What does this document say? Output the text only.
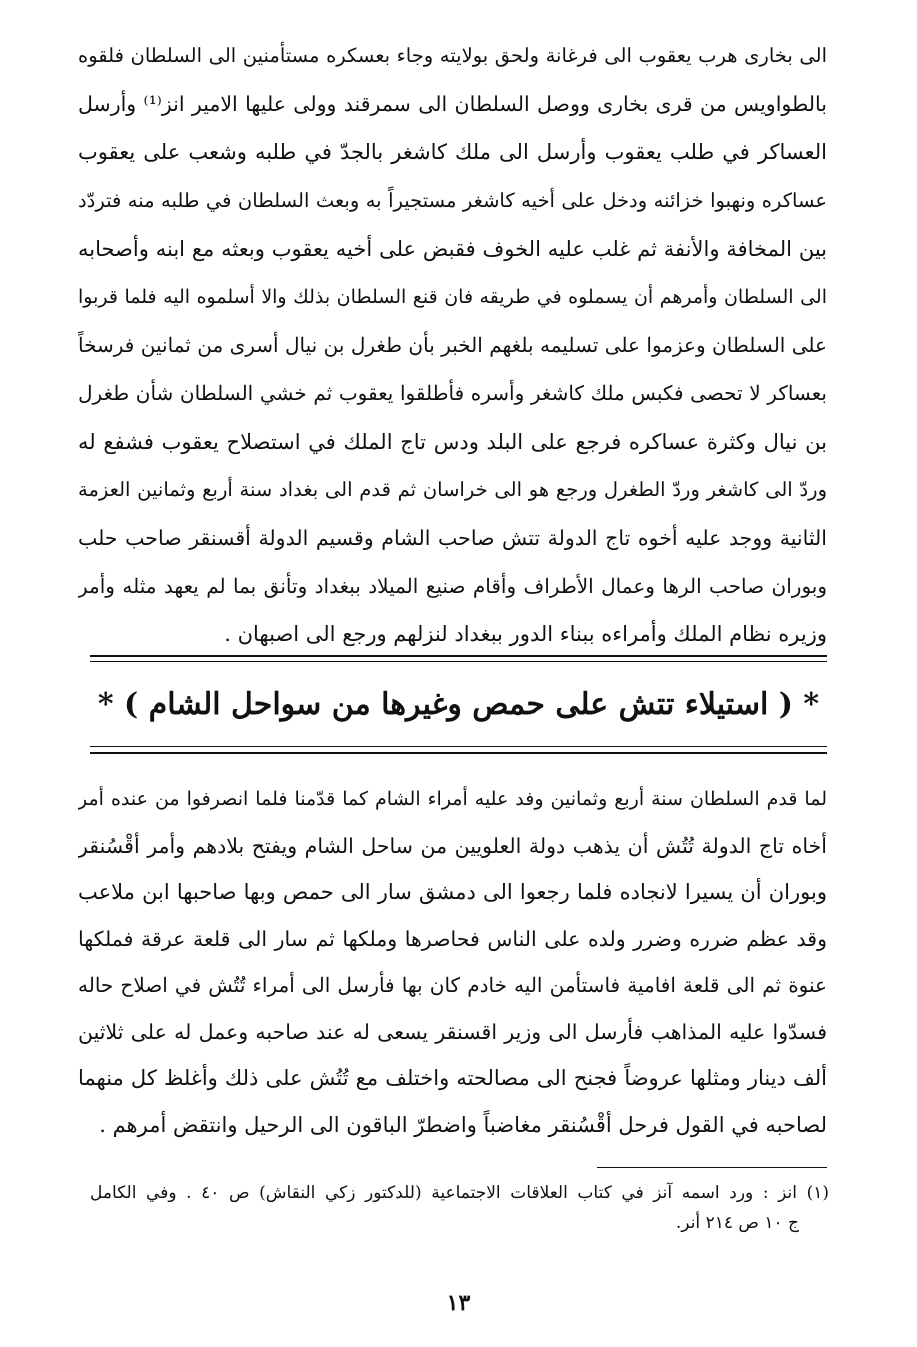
الى بخارى هرب يعقوب الى فرغانة ولحق بولايته وجاء بعسكره مستأمنين الى السلطان فلقوه
بالطواويس من قرى بخارى ووصل السلطان الى سمرقند وولى عليها الامير انز⁽¹⁾ وأرسل
العساكر في طلب يعقوب وأرسل الى ملك كاشغر بالجدّ في طلبه وشعب على يعقوب
عساكره ونهبوا خزائنه ودخل على أخيه كاشغر مستجيراً به وبعث السلطان في طلبه منه فتردّد
بين المخافة والأنفة ثم غلب عليه الخوف فقبض على أخيه يعقوب وبعثه مع ابنه وأصحابه
الى السلطان وأمرهم أن يسملوه في طريقه فان قنع السلطان بذلك والا أسلموه اليه فلما قربوا
على السلطان وعزموا على تسليمه بلغهم الخبر بأن طغرل بن نيال أسرى من ثمانين فرسخاً
بعساكر لا تحصى فكبس ملك كاشغر وأسره فأطلقوا يعقوب ثم خشي السلطان شأن طغرل
بن نيال وكثرة عساكره فرجع على البلد ودس تاج الملك في استصلاح يعقوب فشفع له
وردّ الى كاشغر وردّ الطغرل ورجع هو الى خراسان ثم قدم الى بغداد سنة أربع وثمانين العزمة
الثانية ووجد عليه أخوه تاج الدولة تتش صاحب الشام وقسيم الدولة أقسنقر صاحب حلب
وبوران صاحب الرها وعمال الأطراف وأقام صنيع الميلاد ببغداد وتأنق بما لم يعهد مثله وأمر
وزيره نظام الملك وأمراءه ببناء الدور ببغداد لنزلهم ورجع الى اصبهان .
* ( استيلاء تتش على حمص وغيرها من سواحل الشام ) *
لما قدم السلطان سنة أربع وثمانين وفد عليه أمراء الشام كما قدّمنا فلما انصرفوا من عنده أمر
أخاه تاج الدولة تُتُش أن يذهب دولة العلويين من ساحل الشام ويفتح بلادهم وأمر أقْسُنقر
وبوران أن يسيرا لانجاده فلما رجعوا الى دمشق سار الى حمص وبها صاحبها ابن ملاعب
وقد عظم ضرره وضرر ولده على الناس فحاصرها وملكها ثم سار الى قلعة عرقة فملكها
عنوة ثم الى قلعة افامية فاستأمن اليه خادم كان بها فأرسل الى أمراء تُتُش في اصلاح حاله
فسدّوا عليه المذاهب فأرسل الى وزير اقسنقر يسعى له عند صاحبه وعمل له على ثلاثين
ألف دينار ومثلها عروضاً فجنح الى مصالحته واختلف مع تُتُش على ذلك وأغلظ كل منهما
لصاحبه في القول فرحل أقْسُنقر مغاضباً واضطرّ الباقون الى الرحيل وانتقض أمرهم .
(١) انز : ورد اسمه آنز في كتاب العلاقات الاجتماعية (للدكتور زكي النقاش) ص ٤٠ . وفي الكامل
ج ١٠ ص ٢١٤ أنر.
١٣
